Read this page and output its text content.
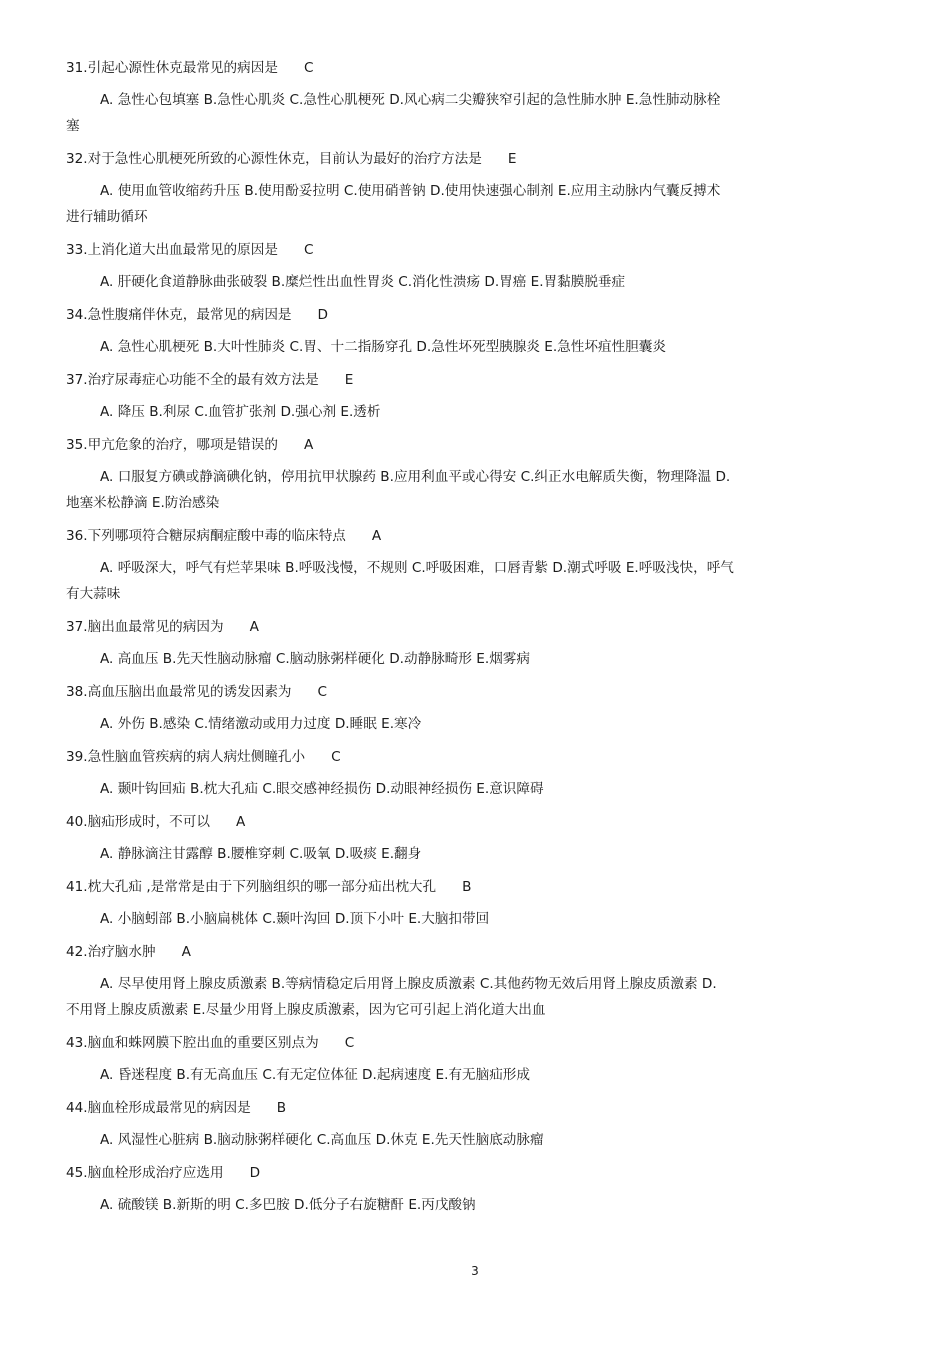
31.引起心源性休克最常见的病因是 C
A. 急性心包填塞 B.急性心肌炎 C.急性心肌梗死 D.风心病二尖瓣狭窄引起的急性肺水肿 E.急性肺动脉栓
塞
32.对于急性心肌梗死所致的心源性休克，目前认为最好的治疗方法是 E
A. 使用血管收缩药升压 B.使用酚妥拉明 C.使用硝普钠 D.使用快速强心制剂 E.应用主动脉内气囊反搏术
进行辅助循环
33.上消化道大出血最常见的原因是 C
A. 肝硬化食道静脉曲张破裂 B.糜烂性出血性胃炎 C.消化性溃疡 D.胃癌 E.胃黏膜脱垂症
34.急性腹痛伴休克，最常见的病因是 D
A. 急性心肌梗死 B.大叶性肺炎 C.胃、十二指肠穿孔 D.急性坏死型胰腺炎 E.急性坏疽性胆囊炎
37.治疗尿毒症心功能不全的最有效方法是 E
A. 降压 B.利尿 C.血管扩张剂 D.强心剂 E.透析
35.甲亢危象的治疗，哪项是错误的 A
A. 口服复方碘或静滴碘化钠，停用抗甲状腺药 B.应用利血平或心得安 C.纠正水电解质失衡，物理降温 D.
地塞米松静滴 E.防治感染
36.下列哪项符合糖尿病酮症酸中毒的临床特点 A
A. 呼吸深大，呼气有烂苹果味 B.呼吸浅慢，不规则 C.呼吸困难，口唇青紫 D.潮式呼吸 E.呼吸浅快，呼气
有大蒜味
37.脑出血最常见的病因为 A
A. 高血压 B.先天性脑动脉瘤 C.脑动脉粥样硬化 D.动静脉畸形 E.烟雾病
38.高血压脑出血最常见的诱发因素为 C
A. 外伤 B.感染 C.情绪激动或用力过度 D.睡眠 E.寒冷
39.急性脑血管疾病的病人病灶侧瞳孔小 C
A. 颞叶钩回疝 B.枕大孔疝 C.眼交感神经损伤 D.动眼神经损伤 E.意识障碍
40.脑疝形成时，不可以 A
A. 静脉滴注甘露醇 B.腰椎穿刺 C.吸氧 D.吸痰 E.翻身
41.枕大孔疝 ,是常常是由于下列脑组织的哪一部分疝出枕大孔 B
A. 小脑蚓部 B.小脑扁桃体 C.颞叶沟回 D.顶下小叶 E.大脑扣带回
42.治疗脑水肿 A
A. 尽早使用肾上腺皮质激素 B.等病情稳定后用肾上腺皮质激素 C.其他药物无效后用肾上腺皮质激素 D.
不用肾上腺皮质激素 E.尽量少用肾上腺皮质激素，因为它可引起上消化道大出血
43.脑血和蛛网膜下腔出血的重要区别点为 C
A. 昏迷程度 B.有无高血压 C.有无定位体征 D.起病速度 E.有无脑疝形成
44.脑血栓形成最常见的病因是 B
A. 风湿性心脏病 B.脑动脉粥样硬化 C.高血压 D.休克 E.先天性脑底动脉瘤
45.脑血栓形成治疗应选用 D
A. 硫酸镁 B.新斯的明 C.多巴胺 D.低分子右旋糖酐 E.丙戊酸钠
3
